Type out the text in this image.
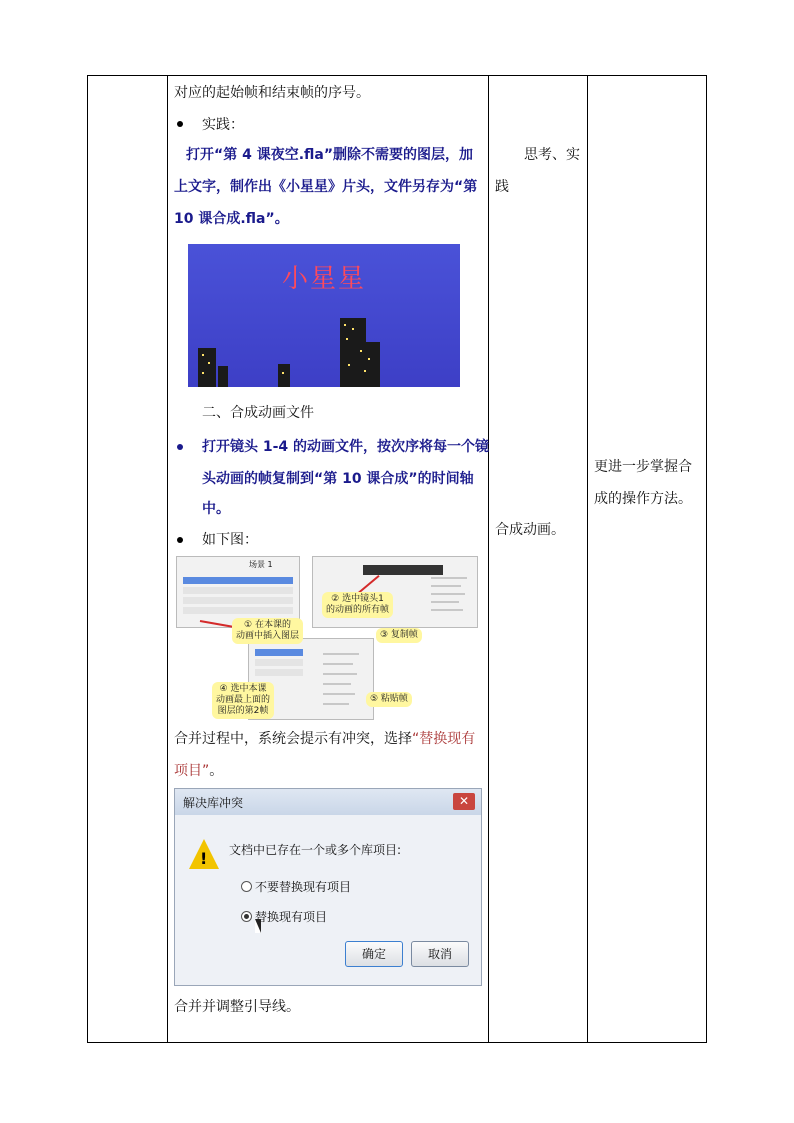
对应的起始帧和结束帧的序号。
实践：
打开“第 4 课夜空.fla”删除不需要的图层，加
上文字，制作出《小星星》片头，文件另存为“第
10 课合成.fla”。
小星星
二、合成动画文件
打开镜头 1-4 的动画文件，按次序将每一个镜
头动画的帧复制到“第 10 课合成”的时间轴
中。
如下图：
场景 1
① 在本课的
动画中插入图层
② 选中镜头1
的动画的所有帧
③ 复制帧
④ 选中本课
动画最上面的
图层的第2帧
⑤ 粘贴帧
合并过程中，系统会提示有冲突，选择“替换现有
项目”。
解决库冲突	✕
! 文档中已存在一个或多个库项目:
不要替换现有项目
替换现有项目
确定	取消
合并并调整引导线。
思考、实
践
合成动画。
更进一步掌握合
成的操作方法。
